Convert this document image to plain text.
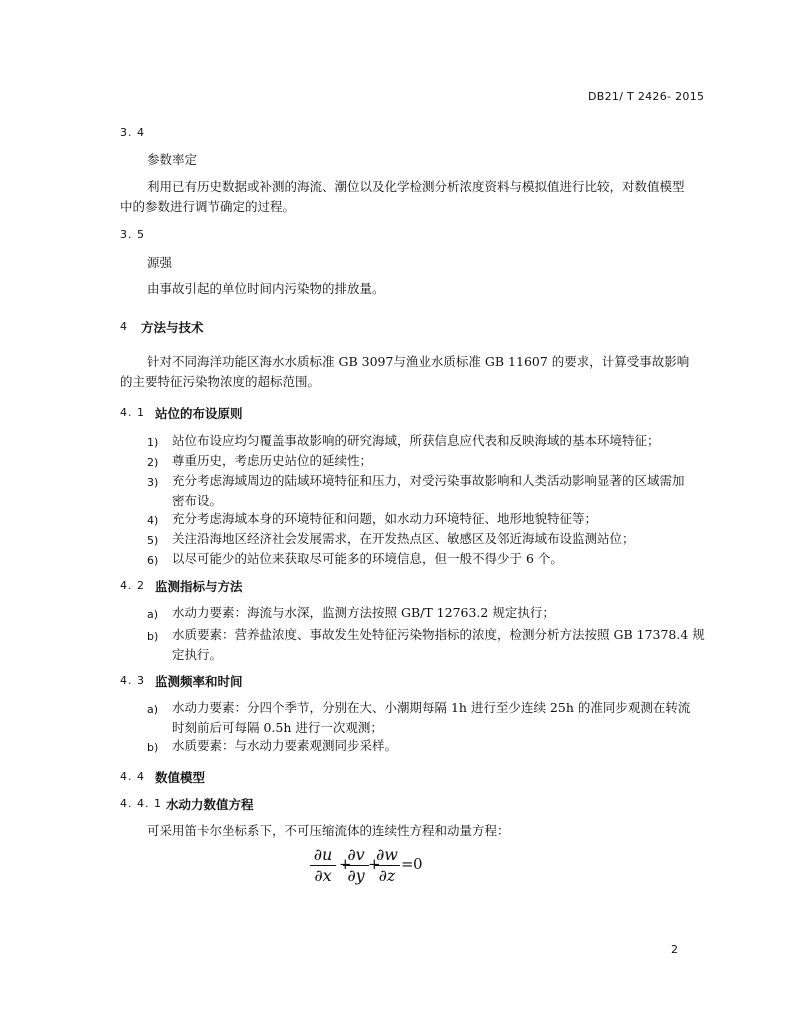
DB21/ T 2426- 2015
3. 4
参数率定
利用已有历史数据或补测的海流、潮位以及化学检测分析浓度资料与模拟值进行比较，对数值模型
中的参数进行调节确定的过程。
3. 5
源强
由事故引起的单位时间内污染物的排放量。
4 方法与技术
针对不同海洋功能区海水水质标准 GB 3097与渔业水质标准 GB 11607 的要求，计算受事故影响
的主要特征污染物浓度的超标范围。
4. 1 站位的布设原则
1) 站位布设应均匀覆盖事故影响的研究海域，所获信息应代表和反映海域的基本环境特征；
2) 尊重历史，考虑历史站位的延续性；
3) 充分考虑海域周边的陆域环境特征和压力，对受污染事故影响和人类活动影响显著的区域需加
密布设。
4) 充分考虑海域本身的环境特征和问题，如水动力环境特征、地形地貌特征等；
5) 关注沿海地区经济社会发展需求，在开发热点区、敏感区及邻近海域布设监测站位；
6) 以尽可能少的站位来获取尽可能多的环境信息，但一般不得少于 6 个。
4. 2 监测指标与方法
a) 水动力要素：海流与水深，监测方法按照 GB/T 12763.2 规定执行；
b) 水质要素：营养盐浓度、事故发生处特征污染物指标的浓度，检测分析方法按照 GB 17378.4 规
定执行。
4. 3 监测频率和时间
a) 水动力要素：分四个季节，分别在大、小潮期每隔 1h 进行至少连续 25h 的准同步观测在转流
时刻前后可每隔 0.5h 进行一次观测；
b) 水质要素：与水动力要素观测同步采样。
4. 4 数值模型
4. 4. 1 水动力数值方程
可采用笛卡尔坐标系下，不可压缩流体的连续性方程和动量方程：
∂u
∂x
+
∂v
∂y
+
∂w
∂z
= 0
2
